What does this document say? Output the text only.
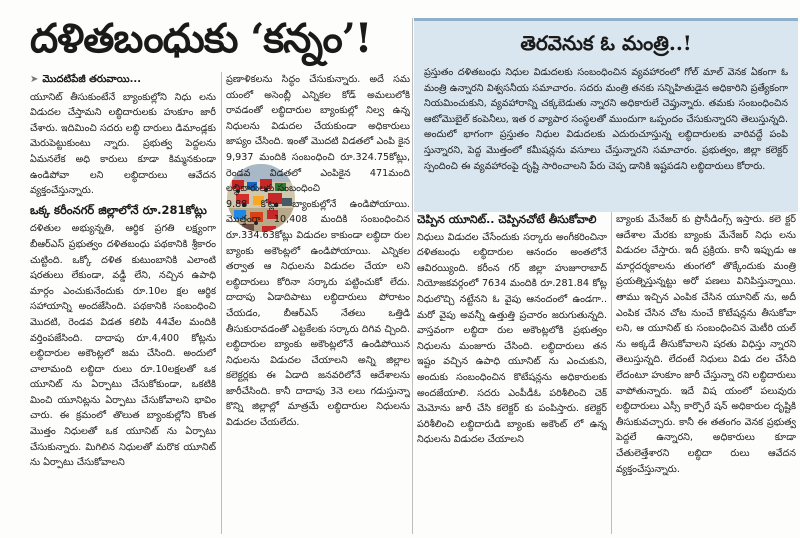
దళితబంధుకు ‘కన్నం’!
➤ మొదటిపేజీ తరువాయి...

యూనిట్ తీసుకుంటేనే బ్యాంకుల్లోని నిధు లను విడుదల చేస్తామని లబ్ధిదారులకు హుకూం జారీ చేశారు. ఇదిమించి సదరు లబ్ధి దారులు డిమాండ్లకు మెరుపెట్టుకుంటు న్నారు. ప్రభుత్వ పెద్దలను ఏమనలేక అధి కారులు కూడా కిమ్మనకుండా ఉండిపోవా లని లబ్ధిదారులు ఆవేదన వ్యక్తంచేస్తున్నారు.

ఒక్క కరీంనగర్ జిల్లాలోనే రూ.281కోట్లు

దళితుల అభ్యున్నతి, ఆర్థిక ప్రగతి లక్ష్యంగా బీఆర్ఎస్ ప్రభుత్వం దళితబంధు పథకానికి శ్రీకారం చుట్టింది. ఒక్కో దళిత కుటుంబానికి ఎలాంటి షరతులు లేకుండా, వడ్డీ లేని, నచ్చిన ఉపాధి మార్గం ఎంచుకునేందుకు రూ.10ల క్షల ఆర్థిక సహాయాన్ని అందజేసింది. పథకానికి సంబంధించి మొదటి, రెండవ విడత కలిపి 44వేల మందికి వర్తింపజేసింది. దాదాపు రూ.4,400 కోట్లను లబ్ధిదారుల అకౌంట్లలో జమ చేసింది. అందులో చాలామంది లబ్ధిదా రులు రూ.10లక్షలతో ఒక యూనిట్ ను ఏర్పాటు చేసుకోకుండా, ఒకటికి మించి యూనిట్లను ఏర్పాటు చేసుకోవాలని భావిం చారు. ఈ క్రమంలో తొలుత బ్యాంకుల్లోని కొంత మొత్తం నిధులతో ఒక యూనిట్ ను ఏర్పాటు చేసుకున్నారు. మిగిలిన నిధులతో మరొక యూనిట్ ను ఏర్పాటు చేసుకోవాలని

ప్రణాళికలను సిద్ధం చేసుకున్నారు. అదే సమ యంలో అసెంబ్లీ ఎన్నికల కోడ్ అమలులోకి రావడంతో లబ్ధిదారుల బ్యాంకుల్లో నిల్వ ఉన్న నిధులను విడుదల చేయకుండా అధికారులు జాప్యం చేసింది. ఇంతో మొదటి విడతలో ఎంపి కైన 9,937 మందికి సంబంధించి రూ.324.75కోట్లు, రెండవ విడతలో ఎంపికైన 471మంది లబ్ధిదారులకు సంబంధించి

9.88 కోట్లు బ్యాంకుల్లోనే ఉండిపోయాయి. మొత్తంగా 10,408 మందికి సంబంధించిన రూ.334.63కోట్లు విడుదల కాకుండా లబ్ధిదా రుల బ్యాంకు అకౌంట్లలో ఉండిపోయాయి. ఎన్నికల తర్వాత ఆ నిధులను విడుదల చేయా లని లబ్ధిదారులు కోరినా సర్కారు పట్టించుకో లేదు. దాదాపు ఏడాదిపాటు లబ్ధిదారులు పోరాటం చేయడం, బీఆర్ఎస్ నేతలు ఒత్తిడి తీసుకురావడంతో ఎట్టకేలకు సర్కారు దిగివ చ్చింది. లబ్ధిదారుల బ్యాంకు అకౌంట్లలోనే ఉండిపోయిన నిధులను విడుదల చేయాలని అన్ని జిల్లాల కలెక్టర్లకు ఈ ఏడాది జనవరిలోనే ఆదేశాలను జారీచేసింది. కానీ దాదాపు 3నె లలు గడుస్తున్నా కొన్ని జిల్లాల్లో మాత్రమే లబ్ధిదారుల నిధులను విడుదల చేయలేదు.

తెరవెనుక ఓ మంత్రి..!
ప్రస్తుతం దళితబంధు నిధుల విడుదలకు సంబంధించిన వ్యవహారంలో గోల్ మాల్ వెనక ఏకంగా ఓ మంత్రి ఉన్నారని విశ్వసనీయ సమాచారం. సదరు మంత్రి తనకు సన్నిహితుడైన అధికారిని ప్రత్యేకంగా నియమించుకుని, వ్యవహారాన్ని చక్కబెడుతు న్నారని అధికారులే చెప్తున్నారు. తమకు సంబంధించిన ఆటోమొబైల్ కంపెనీలు, ఇత ర వ్యాపార సంస్థలతో ముందుగా ఒప్పందం చేసుకున్నారని తెలుస్తున్నది. అందులో భాగంగా ప్రస్తుతం నిధుల విడుదలకు ఎదురుచూస్తున్న లబ్ధిదారులకు వారివద్దే పంపి స్తున్నారని, పెద్ద మొత్తంలో కమీషన్లను వసూలు చేస్తున్నారని సమాచారం. ప్రభుత్వం, జిల్లా కలెక్టర్ స్పందించి ఈ వ్యవహారంపై దృష్టి సారించాలని పేరు చెప్ప డానికి ఇష్టపడని లబ్ధిదారులు కోరారు.
చెప్పిన యూనిట్.. చెప్పినచోటే తీసుకోవాలి

నిధులు విడుదల చేసేందుకు సర్కారు అంగీకరించినా దళితబంధు లబ్ధిదారుల ఆనందం అంతలోనే ఆవిరయ్యింది. కరీంన గర్ జిల్లా హుజూరాబాద్ నియోజకవర్గంలో 7634 మందికి రూ.281.84 కోట్ల నిధులొచ్చి నట్టేనని ఓ వైపు ఆనందంలో ఉండగా.. మరో వైపు అవన్నీ ఉత్తుత్తి ప్రచారం జరుగుతున్నది. వాస్తవంగా లబ్ధిదా రుల అకౌంట్లలోకి ప్రభుత్వం నిధులను మంజూరు చేసింది. లబ్ధిదారులు తన ఇష్టం వచ్చిన ఉపాధి యూనిట్ ను ఎంచుకుని, అందుకు సంబంధించిన కొటేషన్లను అధికారులకు అందజేయాలి. సదరు ఎంపీడీఓ పరిశీలించి చెక్ మెమోను జారీ చేసి కలెక్టర్ కు పంపిస్తారు. కలెక్టర్ పరిశీలించి లబ్ధిదారుడి బ్యాంకు అకౌంట్ లో ఉన్న నిధులను విడుదల చేయాలని

బ్యాంకు మేనేజర్ కు ప్రొసీడింగ్స్ ఇస్తారు. కలె క్టర్ ఆదేశాల మేరకు బ్యాంకు మేనేజర్ నిధు లను విడుదల చేస్తారు. ఇదీ ప్రక్రియ. కానీ ఇప్పుడు ఆ మార్గదర్శకాలను తుంగలో తొక్కేందుకు మంత్రి ప్రయత్నిస్తున్నట్టు అరో పణలు వినిపిస్తున్నాయి. తాము ఇచ్చిన ఎంపిక చేసిన యూనిట్ ను, అదీ ఎంపిక చేసిన చోట నుంచే కొటేషన్లను తీసుకోవా లని, ఆ యూనిట్ కు సంబంధించిన మెటీరి యల్ ను అక్కడే తీసుకోవాలని షరతు విధిస్తు న్నారని తెలుస్తున్నది. లేదంటే నిధులు విడు దల చేసేది లేదంటూ హుకూం జారీ చేస్తున్నా రని లబ్ధిదారులు వాపోతున్నారు. ఇదే విష యంలో పలువురు లబ్ధిదారులు ఎస్సీ కార్పొరే షన్ అధికారుల దృష్టికి తీసుకువచ్చారు. కానీ ఈ తతంగం వెనక ప్రభుత్వ పెద్దలే ఉన్నారని, అధికారులు కూడా చేతులెత్తేశారని లబ్ధిదా రులు ఆవేదన వ్యక్తంచేస్తున్నారు.
